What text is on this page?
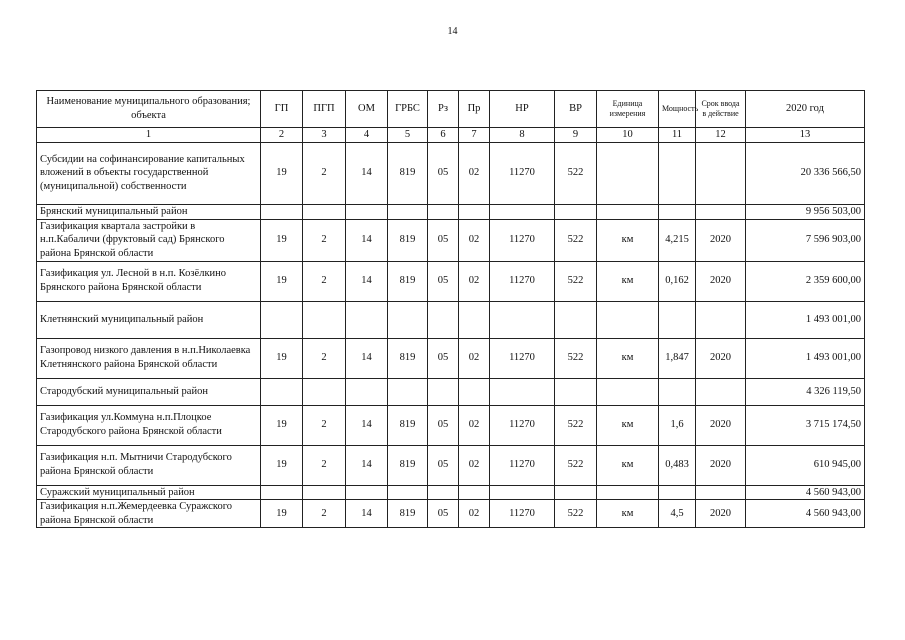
14
Наименование муниципального образования; объекта	ГП	ПГП	ОМ	ГРБС	Рз	Пр	НР	ВР	Единица измерения	Мощность	Срок ввода в действие	2020 год
1	2	3	4	5	6	7	8	9	10	11	12	13
Субсидии на софинансирование капитальных вложений в объекты государственной (муниципальной) собственности	19	2	14	819	05	02	11270	522				20 336 566,50
Брянский муниципальный район												9 956 503,00
Газификация квартала застройки в н.п.Кабаличи (фруктовый сад) Брянского района Брянской области	19	2	14	819	05	02	11270	522	км	4,215	2020	7 596 903,00
Газификация ул. Лесной в н.п. Козёлкино Брянского района Брянской области	19	2	14	819	05	02	11270	522	км	0,162	2020	2 359 600,00
Клетнянский муниципальный район												1 493 001,00
Газопровод низкого давления в н.п.Николаевка Клетнянского района Брянской области	19	2	14	819	05	02	11270	522	км	1,847	2020	1 493 001,00
Стародубский муниципальный район												4 326 119,50
Газификация ул.Коммуна н.п.Плоцкое Стародубского района Брянской области	19	2	14	819	05	02	11270	522	км	1,6	2020	3 715 174,50
Газификация н.п. Мытничи Стародубского района Брянской области	19	2	14	819	05	02	11270	522	км	0,483	2020	610 945,00
Суражский муниципальный район												4 560 943,00
Газификация н.п.Жемердеевка Суражского района Брянской области	19	2	14	819	05	02	11270	522	км	4,5	2020	4 560 943,00
